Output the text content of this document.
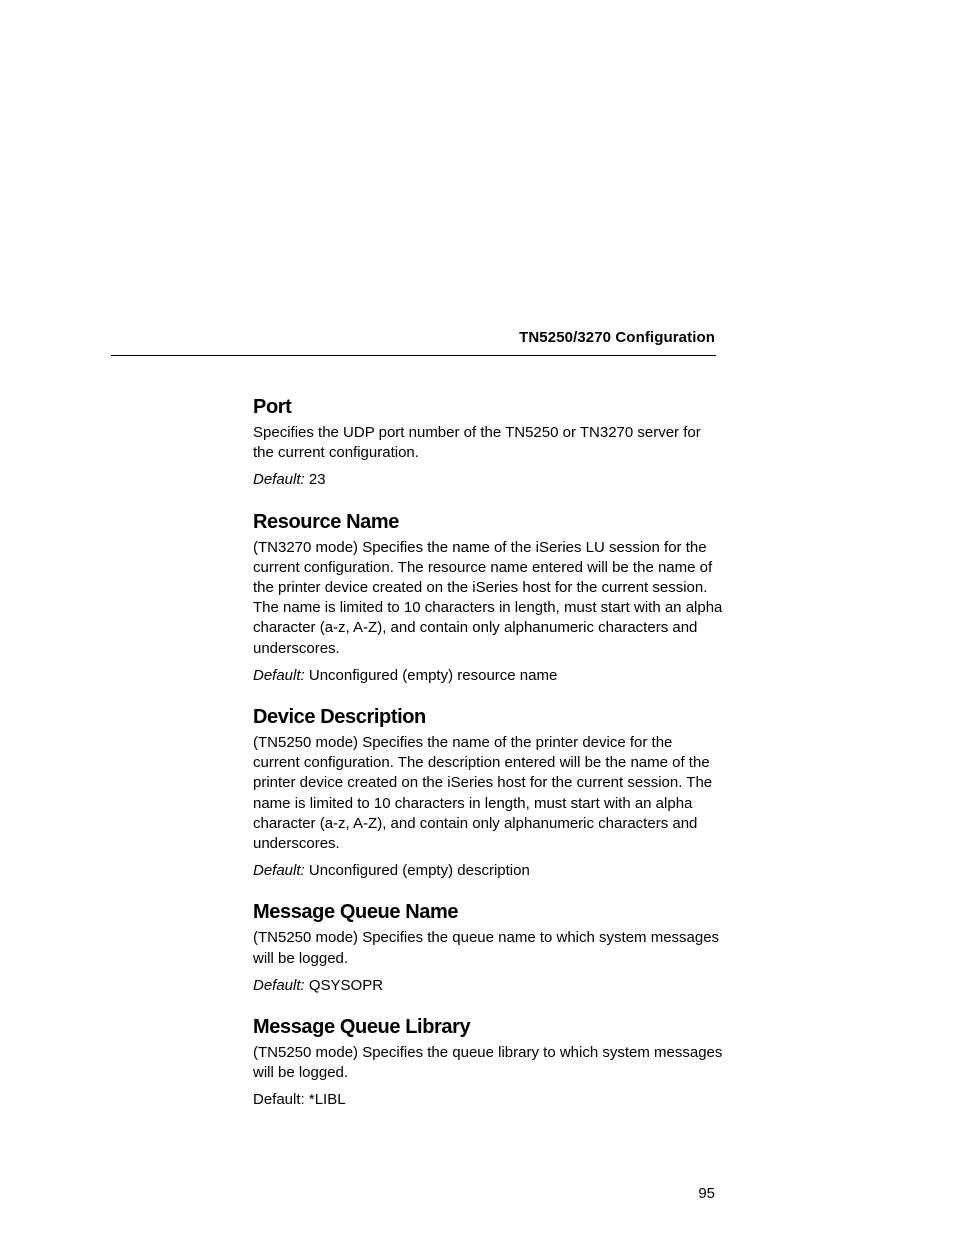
TN5250/3270 Configuration
Port

Specifies the UDP port number of the TN5250 or TN3270 server for the current configuration.

Default: 23

Resource Name

(TN3270 mode) Specifies the name of the iSeries LU session for the current configuration. The resource name entered will be the name of the printer device created on the iSeries host for the current session. The name is limited to 10 characters in length, must start with an alpha character (a-z, A-Z), and contain only alphanumeric characters and underscores.

Default: Unconfigured (empty) resource name

Device Description

(TN5250 mode) Specifies the name of the printer device for the current configuration. The description entered will be the name of the printer device created on the iSeries host for the current session. The name is limited to 10 characters in length, must start with an alpha character (a-z, A-Z), and contain only alphanumeric characters and underscores.

Default: Unconfigured (empty) description

Message Queue Name

(TN5250 mode) Specifies the queue name to which system messages will be logged.

Default: QSYSOPR

Message Queue Library

(TN5250 mode) Specifies the queue library to which system messages will be logged.

Default: *LIBL

95
